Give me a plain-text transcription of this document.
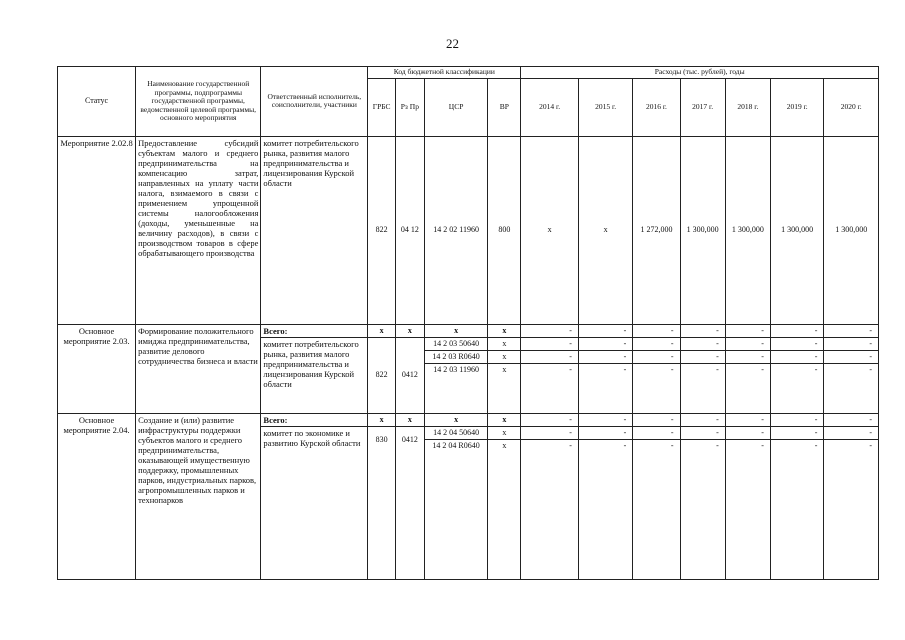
22
Статус	Наименование государственной программы, подпрограммы государственной программы, ведомственной целевой программы, основного мероприятия	Ответственный исполнитель, соисполнители, участники	Код бюджетной классификации				Расходы (тыс. рублей), годы						
			ГРБС	Рз Пр	ЦСР	ВР	2014 г.	2015 г.	2016 г.	2017 г.	2018 г.	2019 г.	2020 г.
Мероприятие 2.02.8	Предоставление субсидий субъектам малого и среднего предпринимательства на компенсацию затрат, направленных на уплату части налога, взимаемого в связи с применением упрощенной системы налогообложения (доходы, уменьшенные на величину расходов), в связи с производством товаров в сфере обрабатывающего производства	комитет потребительского рынка, развития малого предпринимательства и лицензирования Курской области	822	04 12	14 2 02 11960	800	х	х	1 272,000	1 300,000	1 300,000	1 300,000	1 300,000
Основное мероприятие 2.03.	Формирование положительного имиджа предпринимательства, развитие делового сотрудничества бизнеса и власти	Всего:	х	х	х	х	-	-	-	-	-	-	-
		комитет потребительского рынка, развития малого предпринимательства и лицензирования Курской области	822	0412	14 2 03 50640	х	-	-	-	-	-	-	-
					14 2 03 R0640	х	-	-	-	-	-	-	-
					14 2 03 11960	х	-	-	-	-	-	-	-
Основное мероприятие 2.04.	Создание и (или) развитие инфраструктуры поддержки субъектов малого и среднего предпринимательства, оказывающей имущественную поддержку, промышленных парков, индустриальных парков, агропромышленных парков и технопарков	Всего:	х	х	х	х	-	-	-	-	-	-	-
		комитет по экономике и развитию Курской области	830	0412	14 2 04 50640	х	-	-	-	-	-	-	-
					14 2 04 R0640	х	-	-	-	-	-	-	-
